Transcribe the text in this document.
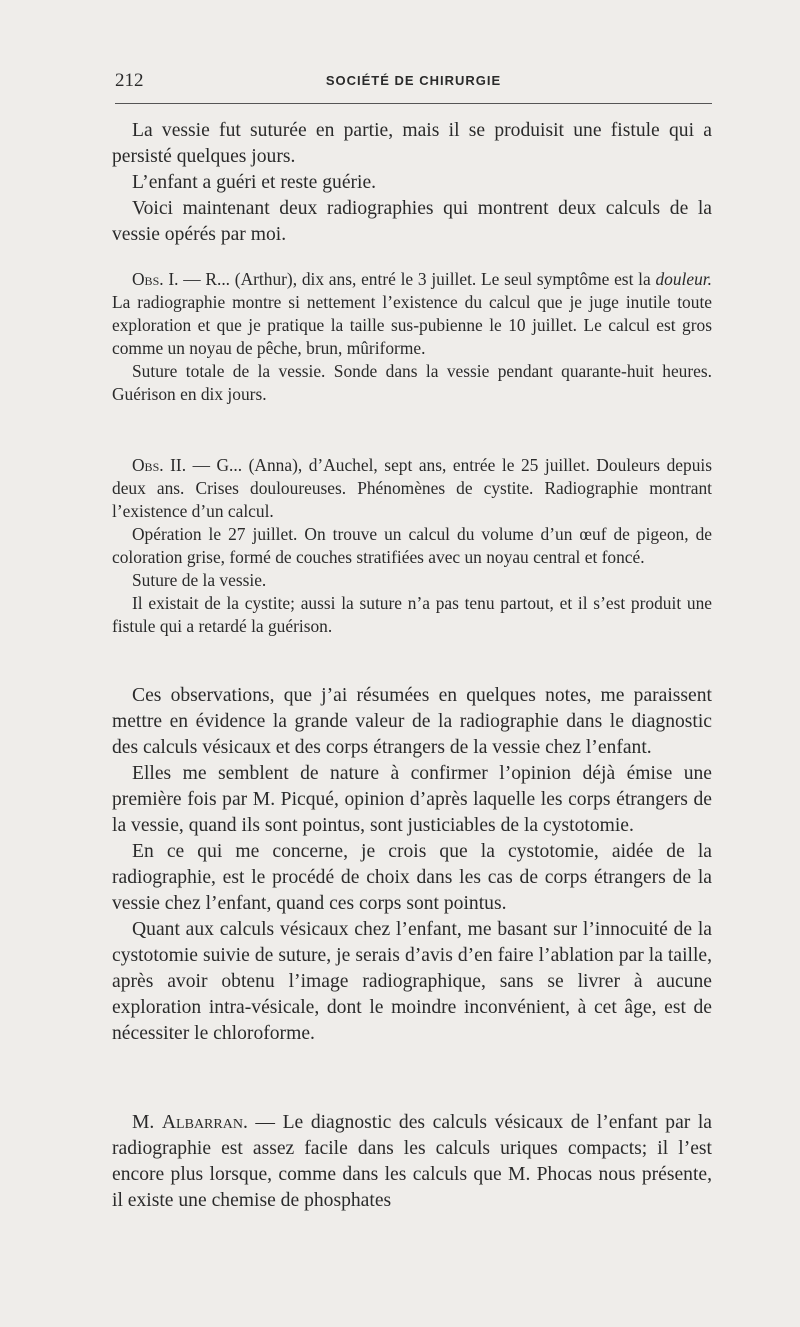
212	SOCIÉTÉ DE CHIRURGIE

La vessie fut suturée en partie, mais il se produisit une fistule qui a persisté quelques jours.

L’enfant a guéri et reste guérie.

Voici maintenant deux radiographies qui montrent deux calculs de la vessie opérés par moi.

Obs. I. — R... (Arthur), dix ans, entré le 3 juillet. Le seul symptôme est la douleur. La radiographie montre si nettement l’existence du calcul que je juge inutile toute exploration et que je pratique la taille sus-pubienne le 10 juillet. Le calcul est gros comme un noyau de pêche, brun, mûriforme.

Suture totale de la vessie. Sonde dans la vessie pendant quarante-huit heures. Guérison en dix jours.

Obs. II. — G... (Anna), d’Auchel, sept ans, entrée le 25 juillet. Douleurs depuis deux ans. Crises douloureuses. Phénomènes de cystite. Radiographie montrant l’existence d’un calcul.

Opération le 27 juillet. On trouve un calcul du volume d’un œuf de pigeon, de coloration grise, formé de couches stratifiées avec un noyau central et foncé.

Suture de la vessie.

Il existait de la cystite; aussi la suture n’a pas tenu partout, et il s’est produit une fistule qui a retardé la guérison.

Ces observations, que j’ai résumées en quelques notes, me paraissent mettre en évidence la grande valeur de la radiographie dans le diagnostic des calculs vésicaux et des corps étrangers de la vessie chez l’enfant.

Elles me semblent de nature à confirmer l’opinion déjà émise une première fois par M. Picqué, opinion d’après laquelle les corps étrangers de la vessie, quand ils sont pointus, sont justiciables de la cystotomie.

En ce qui me concerne, je crois que la cystotomie, aidée de la radiographie, est le procédé de choix dans les cas de corps étrangers de la vessie chez l’enfant, quand ces corps sont pointus.

Quant aux calculs vésicaux chez l’enfant, me basant sur l’innocuité de la cystotomie suivie de suture, je serais d’avis d’en faire l’ablation par la taille, après avoir obtenu l’image radiographique, sans se livrer à aucune exploration intra-vésicale, dont le moindre inconvénient, à cet âge, est de nécessiter le chloroforme.

M. Albarran. — Le diagnostic des calculs vésicaux de l’enfant par la radiographie est assez facile dans les calculs uriques compacts; il l’est encore plus lorsque, comme dans les calculs que M. Phocas nous présente, il existe une chemise de phosphates
